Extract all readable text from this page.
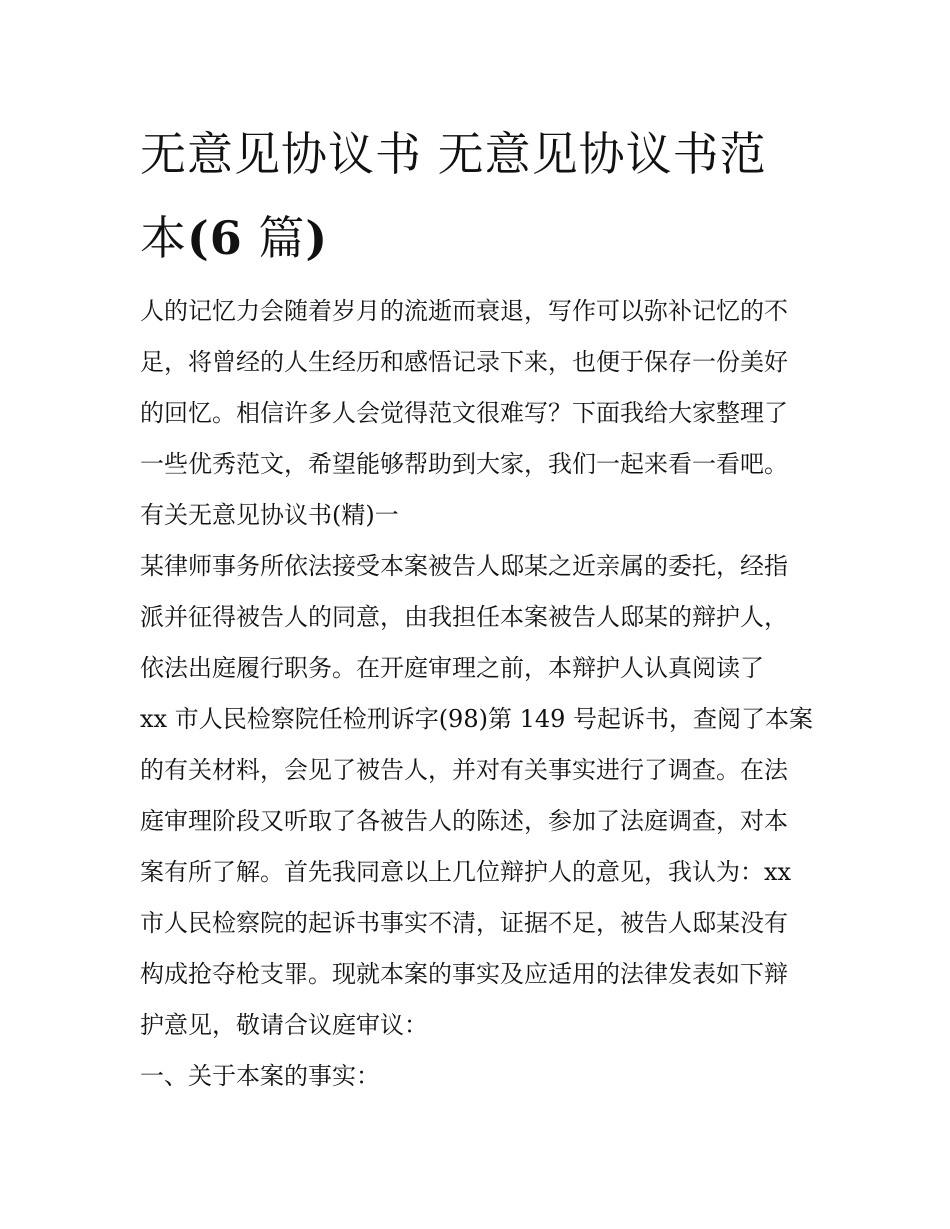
无意见协议书 无意见协议书范
本(6 篇)
人的记忆力会随着岁月的流逝而衰退，写作可以弥补记忆的不
足，将曾经的人生经历和感悟记录下来，也便于保存一份美好
的回忆。相信许多人会觉得范文很难写？下面我给大家整理了
一些优秀范文，希望能够帮助到大家，我们一起来看一看吧。
有关无意见协议书(精)一
某律师事务所依法接受本案被告人邸某之近亲属的委托，经指
派并征得被告人的同意，由我担任本案被告人邸某的辩护人，
依法出庭履行职务。在开庭审理之前，本辩护人认真阅读了
xx 市人民检察院任检刑诉字(98)第 149 号起诉书，查阅了本案
的有关材料，会见了被告人，并对有关事实进行了调查。在法
庭审理阶段又听取了各被告人的陈述，参加了法庭调查，对本
案有所了解。首先我同意以上几位辩护人的意见，我认为：xx
市人民检察院的起诉书事实不清，证据不足，被告人邸某没有
构成抢夺枪支罪。现就本案的事实及应适用的法律发表如下辩
护意见，敬请合议庭审议：
一、关于本案的事实：
